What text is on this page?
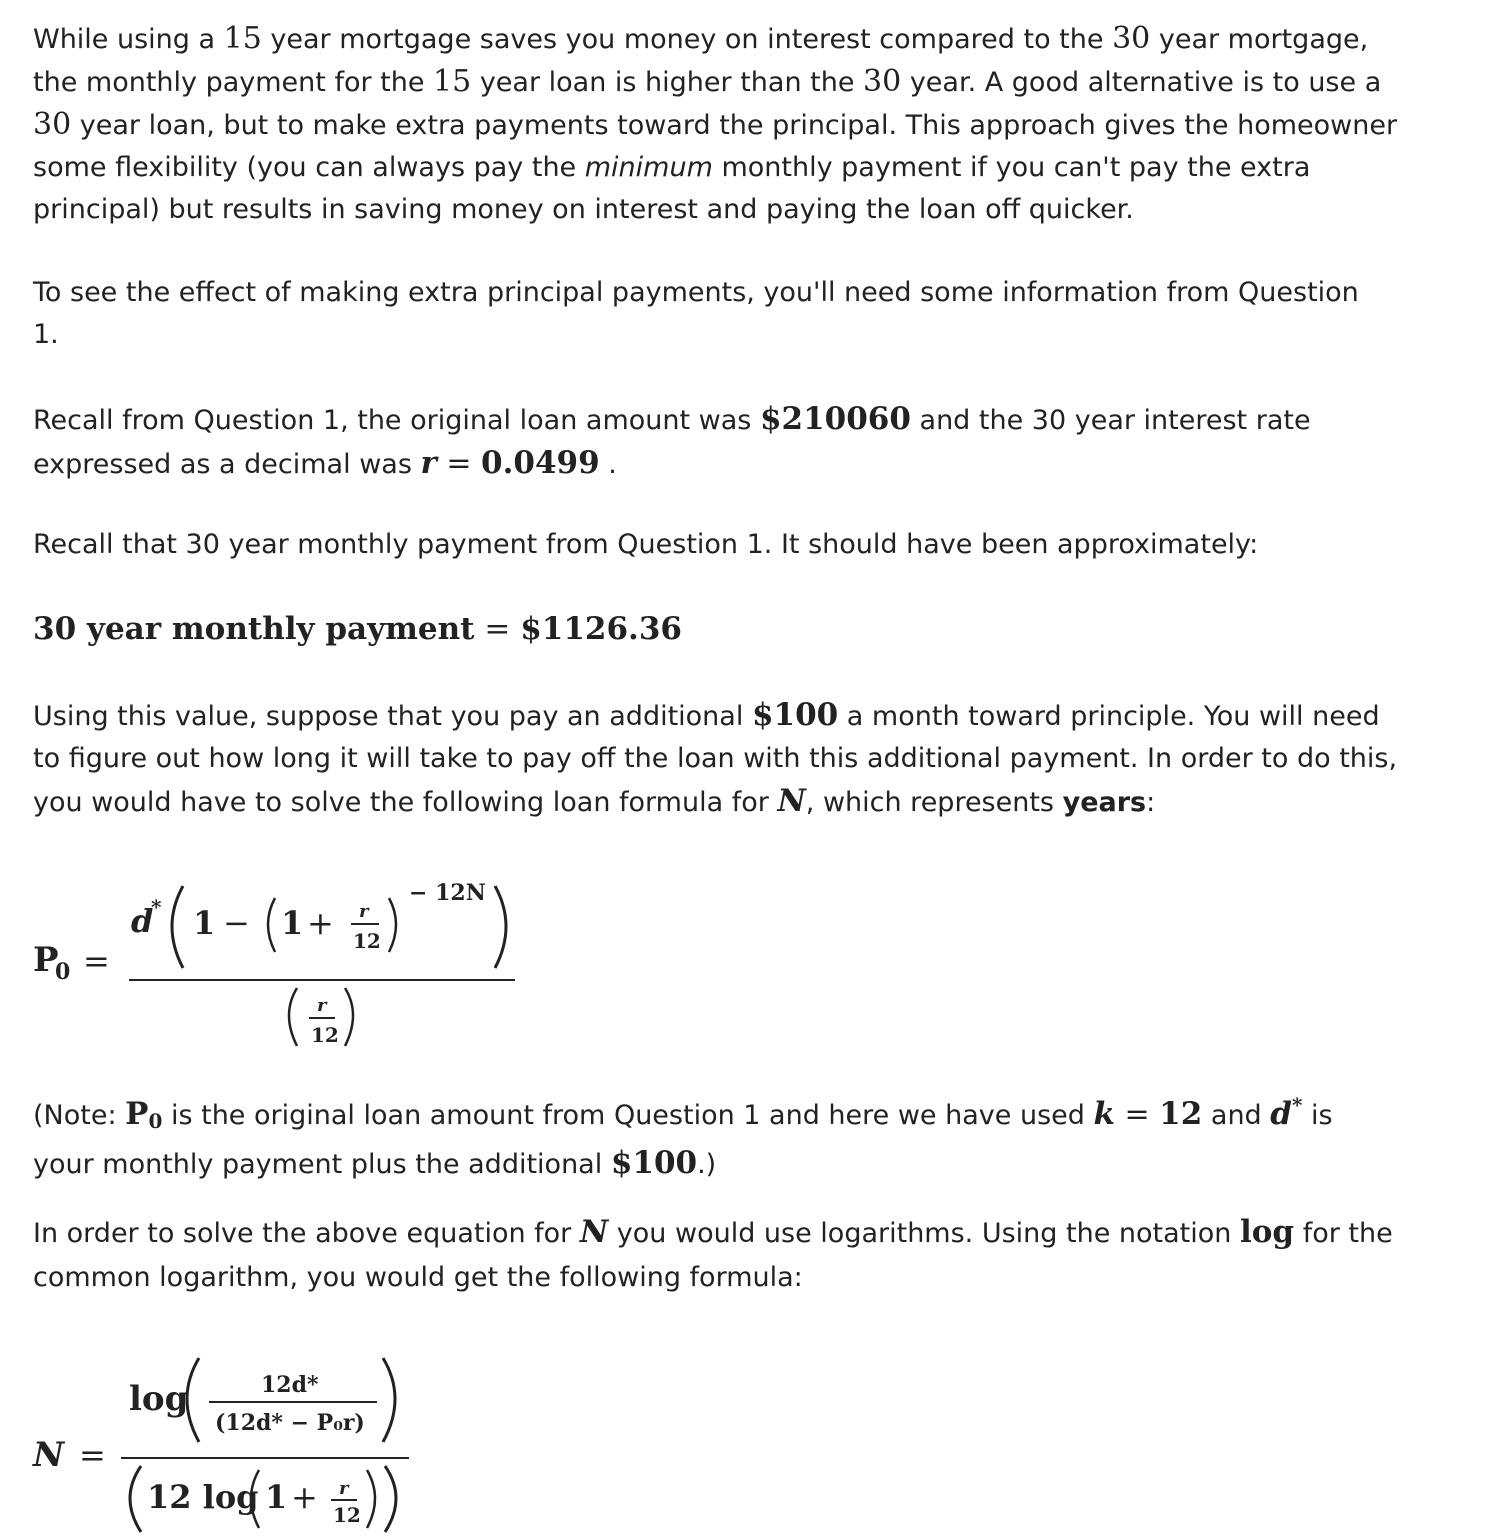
While using a 15 year mortgage saves you money on interest compared to the 30 year mortgage,
the monthly payment for the 15 year loan is higher than the 30 year. A good alternative is to use a
30 year loan, but to make extra payments toward the principal. This approach gives the homeowner
some flexibility (you can always pay the minimum monthly payment if you can't pay the extra
principal) but results in saving money on interest and paying the loan off quicker.

To see the effect of making extra principal payments, you'll need some information from Question
1.

Recall from Question 1, the original loan amount was $210060 and the 30 year interest rate
expressed as a decimal was r = 0.0499 .

Recall that 30 year monthly payment from Question 1. It should have been approximately:

30 year monthly payment = $1126.36

Using this value, suppose that you pay an additional $100 a month toward principle. You will need
to figure out how long it will take to pay off the loan with this additional payment. In order to do this,
you would have to solve the following loan formula for N, which represents years:

P
0 =
d
* 1 − 1 + r
12
− 12N
r
12

(Note: $P_0$ is the original loan amount from Question 1 and here we have used k = 12 and d* is
your monthly payment plus the additional $100.)

In order to solve the above equation for N you would use logarithms. Using the notation log for the
common logarithm, you would get the following formula:

N =
log	12d*
(12d* − P₀r)
12 log 1 + r
12
